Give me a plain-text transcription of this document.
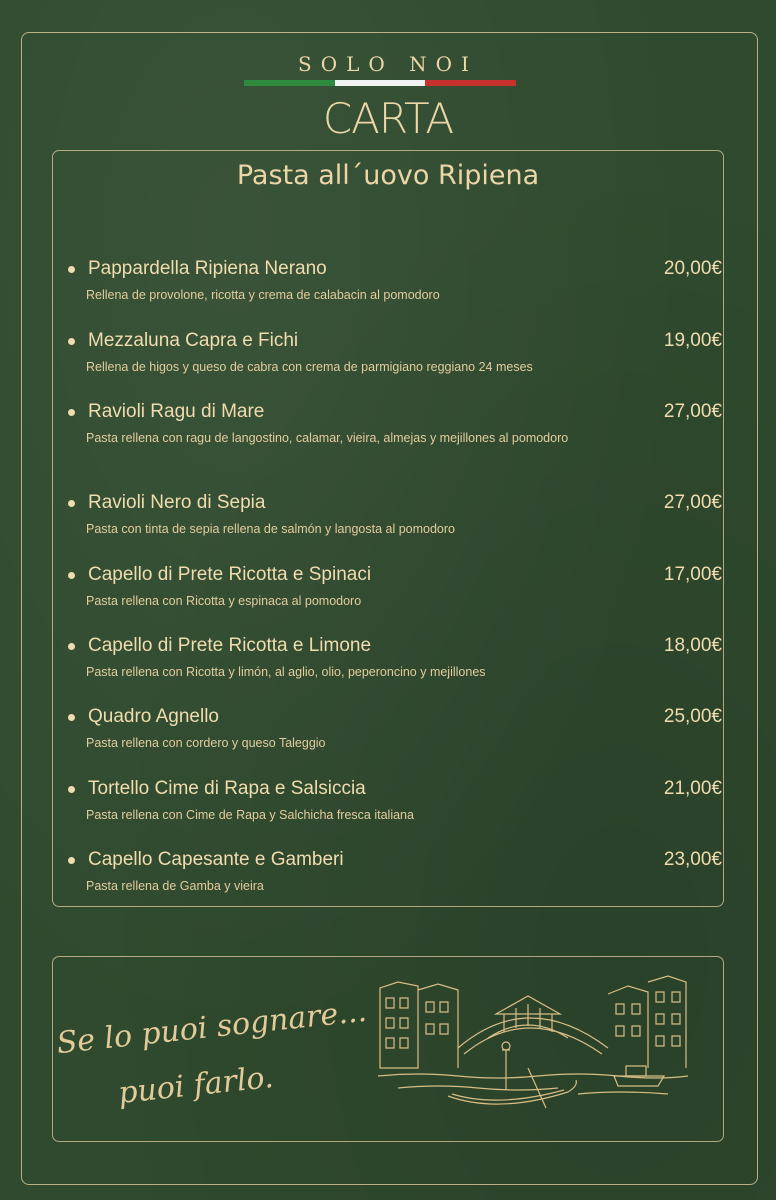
SOLO NOI
CARTA
Pasta all´uovo Ripiena
Pappardella Ripiena Nerano	20,00€
Rellena de provolone, ricotta y crema de calabacin al pomodoro
Mezzaluna Capra e Fichi	19,00€
Rellena de higos y queso de cabra con crema de parmigiano reggiano 24 meses
Ravioli Ragu di Mare	27,00€
Pasta rellena con ragu de langostino, calamar, vieira, almejas y mejillones al pomodoro
Ravioli Nero di Sepia	27,00€
Pasta con tinta de sepia rellena de salmón y langosta al pomodoro
Capello di Prete Ricotta e Spinaci	17,00€
Pasta rellena con Ricotta y espinaca al pomodoro
Capello di Prete Ricotta e Limone	18,00€
Pasta rellena con Ricotta y limón, al aglio, olio, peperoncino y mejillones
Quadro Agnello	25,00€
Pasta rellena con cordero y queso Taleggio
Tortello Cime di Rapa e Salsiccia	21,00€
Pasta rellena con Cime de Rapa y Salchicha fresca italiana
Capello Capesante e Gamberi	23,00€
Pasta rellena de Gamba y vieira
Se lo puoi sognare...
puoi farlo.
